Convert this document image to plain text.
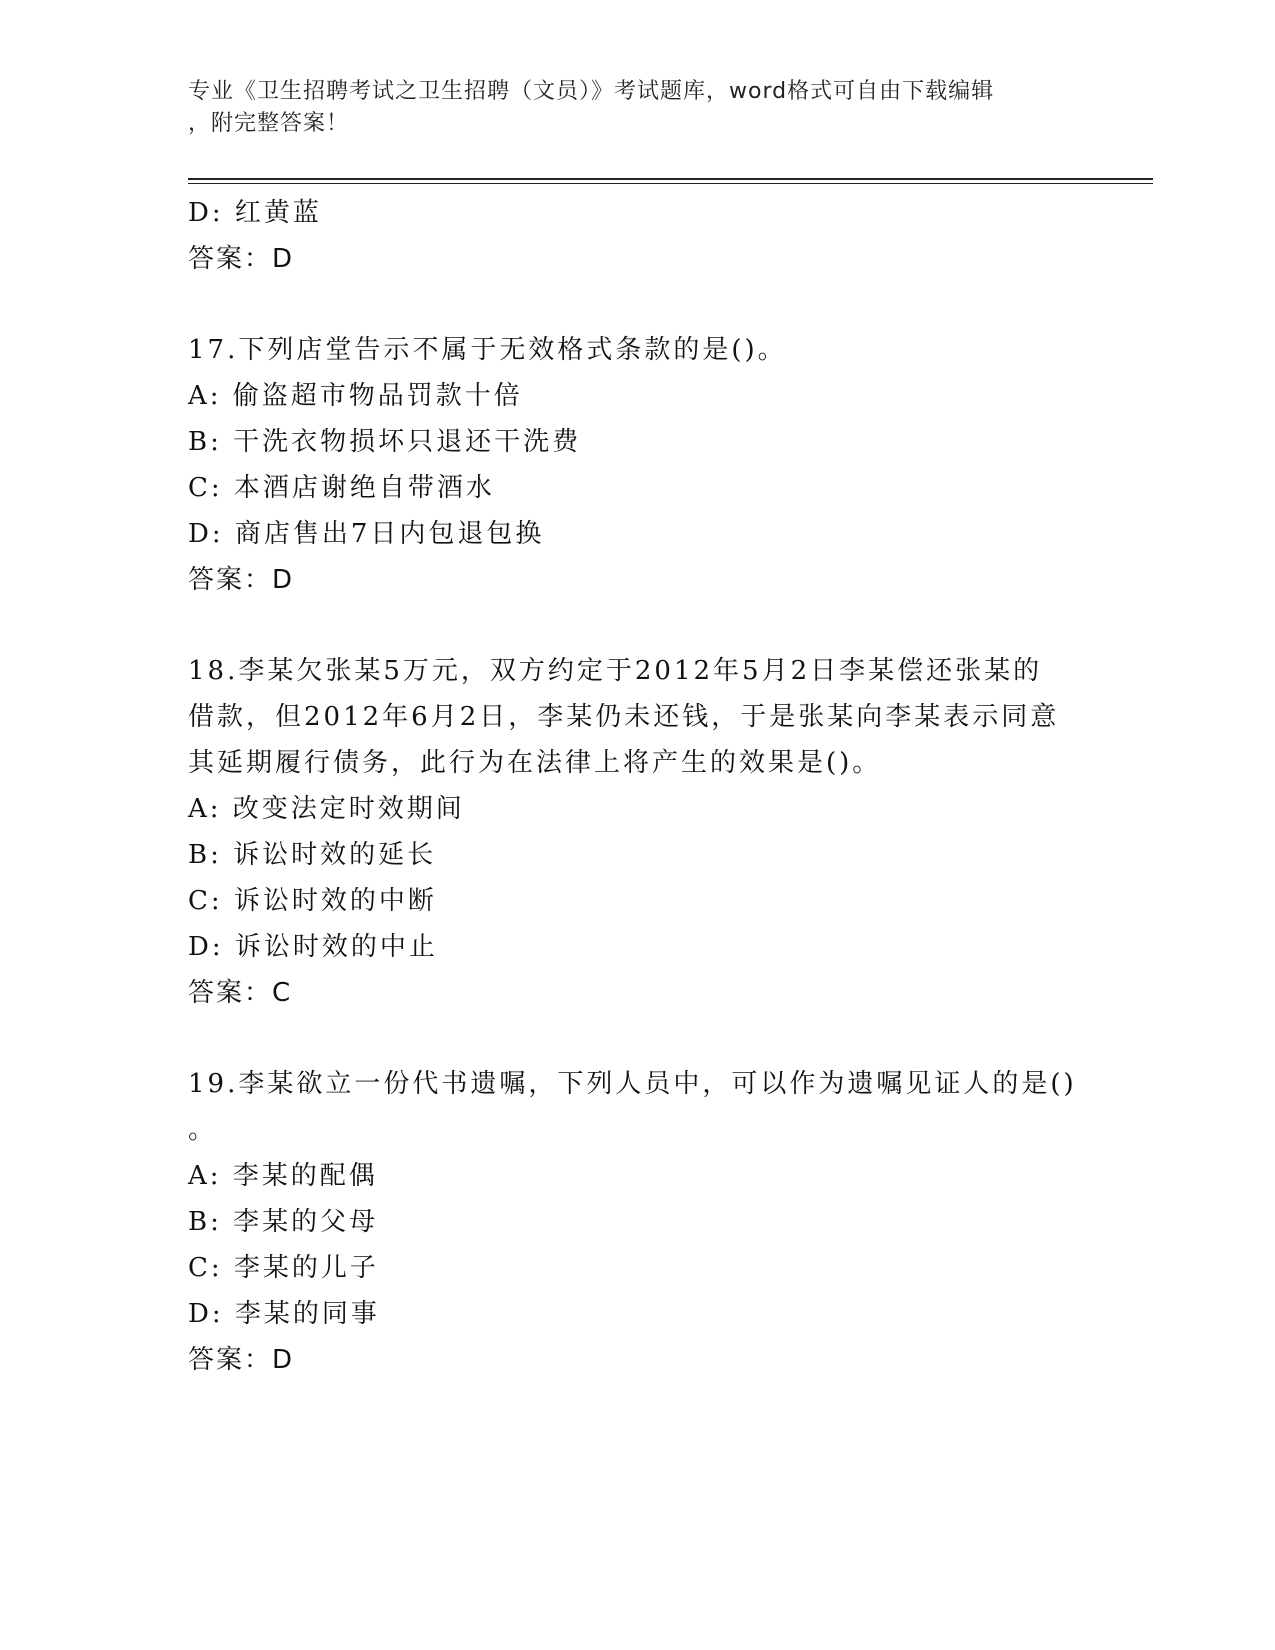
专业《卫生招聘考试之卫生招聘（文员）》考试题库，word格式可自由下载编辑
，附完整答案！
D: 红黄蓝
答案：D
17.下列店堂告示不属于无效格式条款的是()。
A: 偷盗超市物品罚款十倍
B: 干洗衣物损坏只退还干洗费
C: 本酒店谢绝自带酒水
D: 商店售出7日内包退包换
答案：D
18.李某欠张某5万元，双方约定于2012年5月2日李某偿还张某的
借款，但2012年6月2日，李某仍未还钱，于是张某向李某表示同意
其延期履行债务，此行为在法律上将产生的效果是()。
A: 改变法定时效期间
B: 诉讼时效的延长
C: 诉讼时效的中断
D: 诉讼时效的中止
答案：C
19.李某欲立一份代书遗嘱，下列人员中，可以作为遗嘱见证人的是()
。
A: 李某的配偶
B: 李某的父母
C: 李某的儿子
D: 李某的同事
答案：D
